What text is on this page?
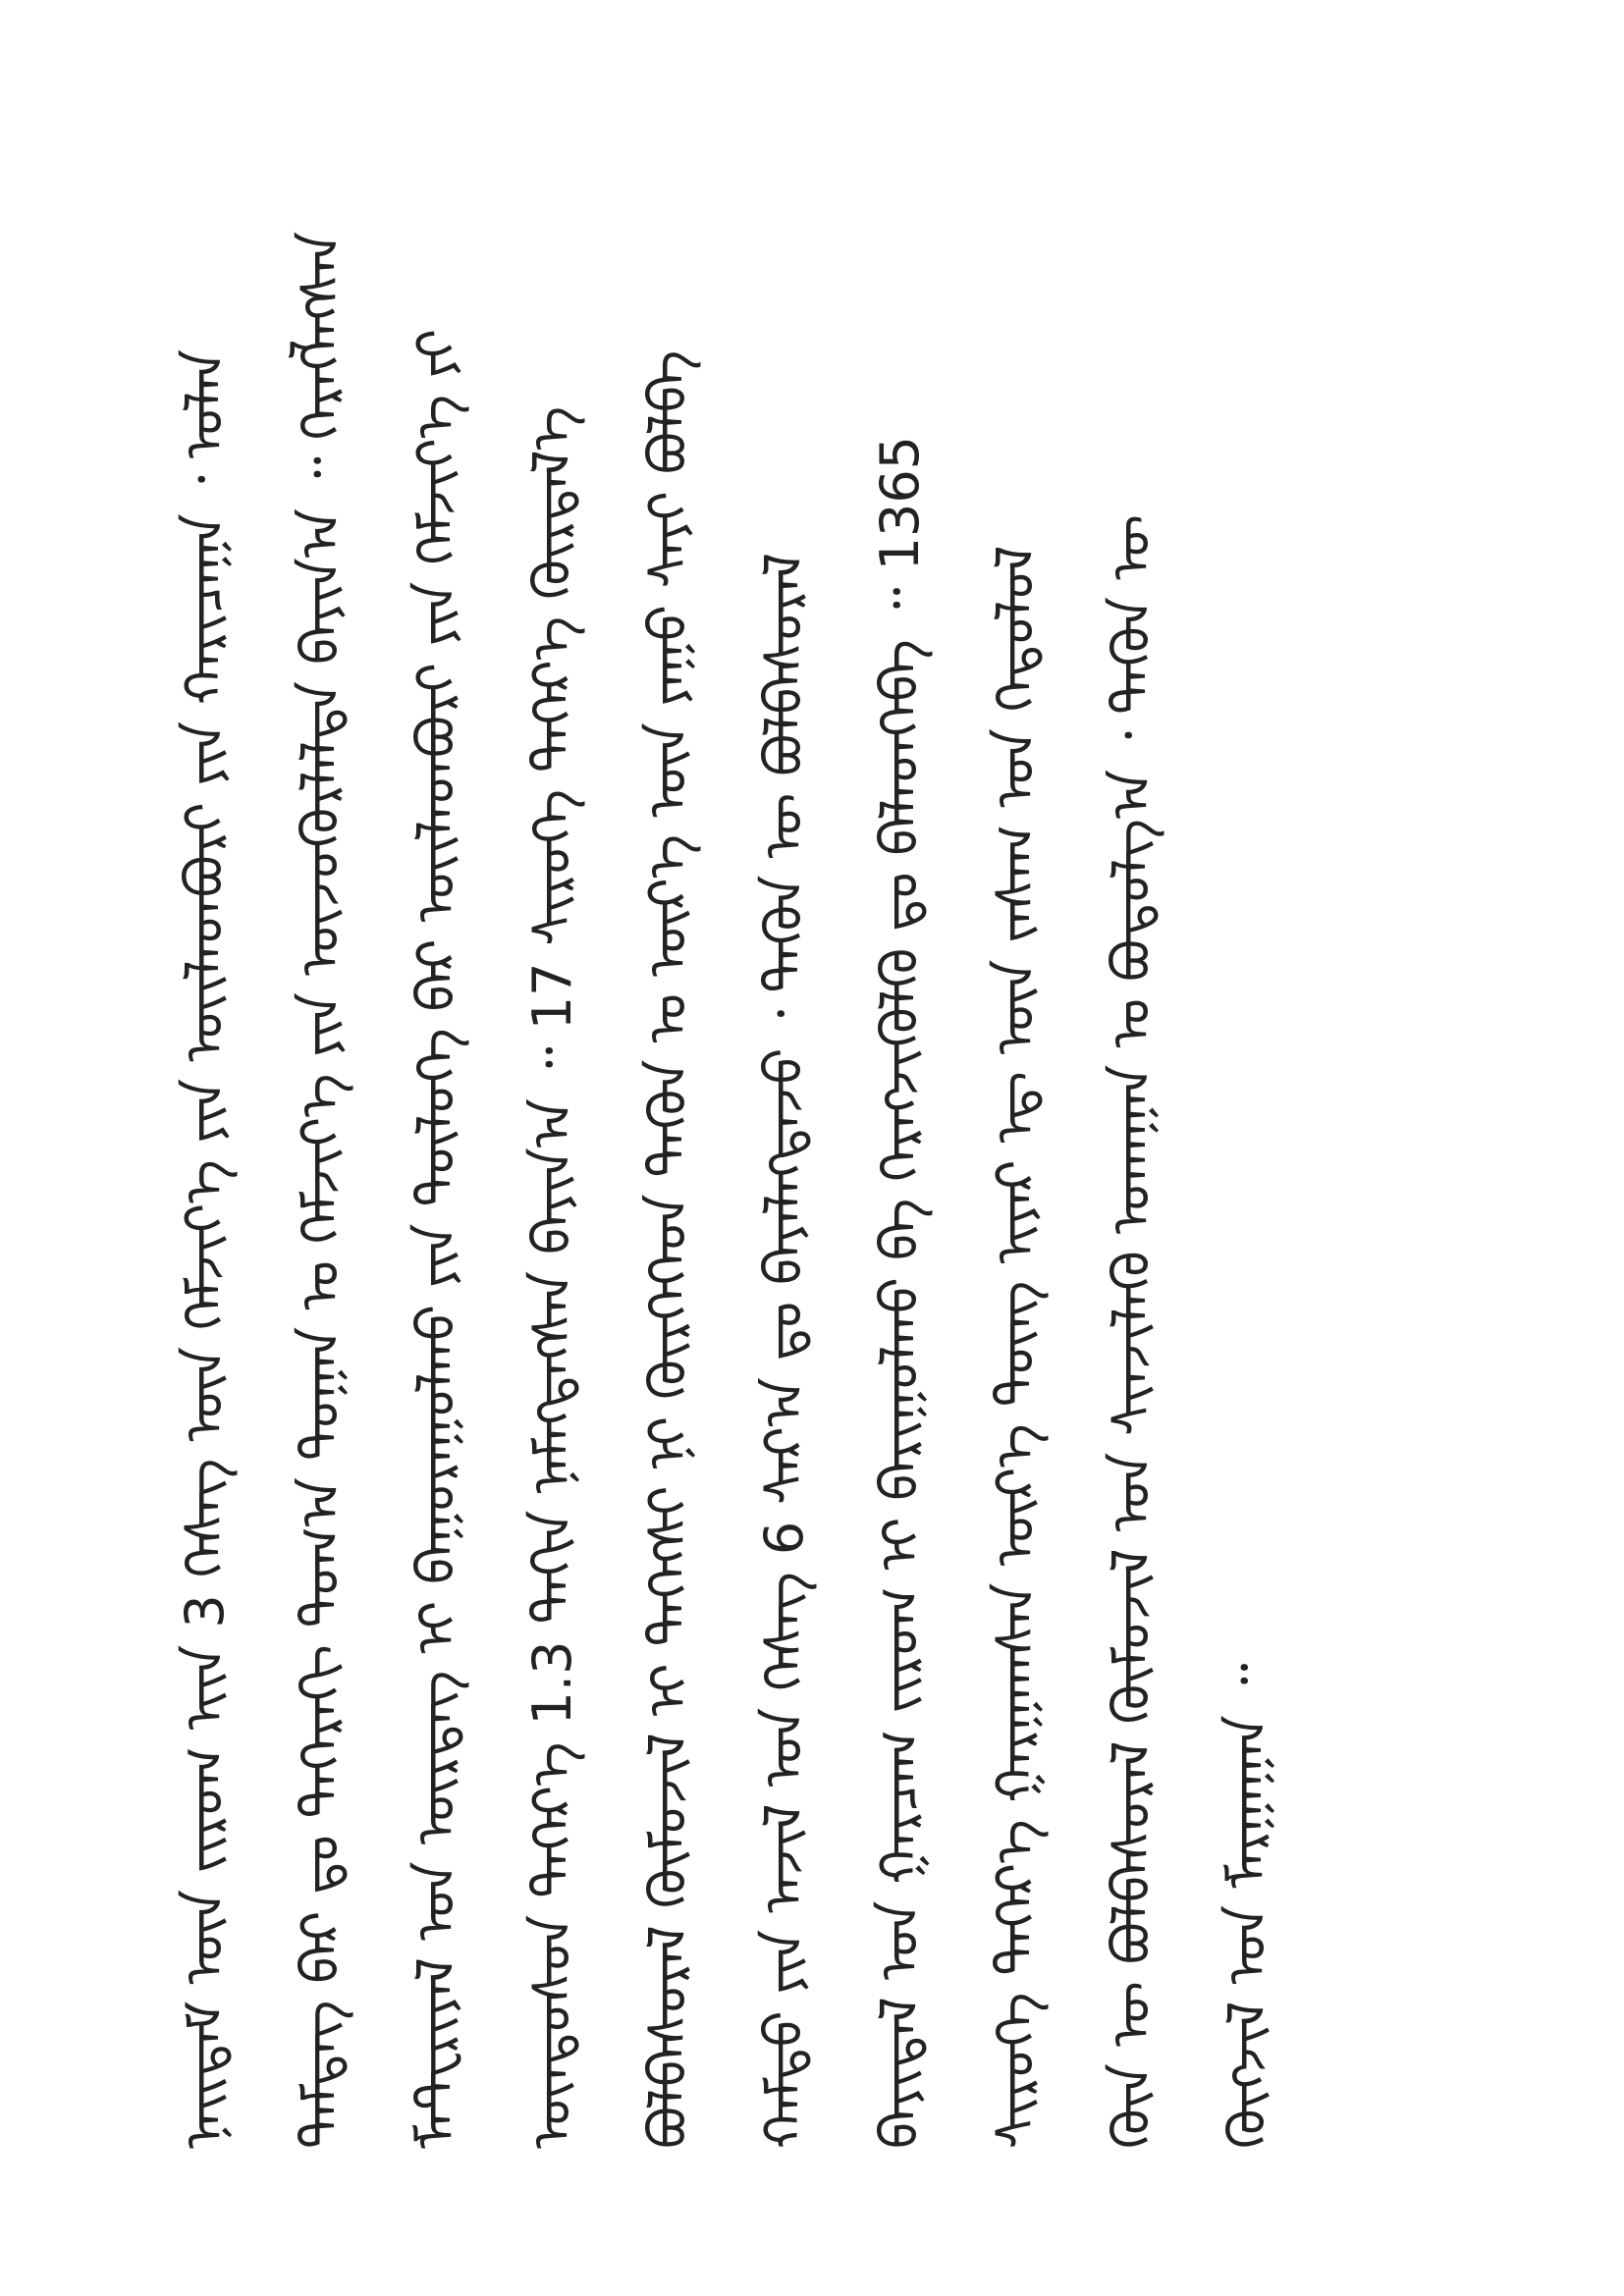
ᠨᠡᠢᠳᠡᠮ ᠦᠨ ᠵᠢᠷᠤᠭ ᠢᠢᠨ 3 ᠬᠡᠰᠡᠭ ᠦᠨ ᠬᠡᠮᠵᠢᠶ᠎ᠡ ᠶᠢᠨ ᠦᠢᠯᠡᠳᠪᠦᠷᠢ ᠶᠢᠨ ᠬᠠᠷᠢᠴᠠᠭᠠ ᠂ ᠤᠯᠠᠨ	ᠲᠡᠮᠳᠡᠭ ᠪᠡᠷ ᠳᠤ ᠳᠡᠭᠡᠷᠡᠬᠢ ᠲᠤᠭ᠎ᠠ ᠲᠣᠭᠠᠨ ᠤ ᠬᠡᠮᠵᠢᠶ᠎ᠡ ᠶᠢᠨ ᠦᠵᠦᠭᠦᠷᠯᠡᠯᠲᠡ ᠪᠠᠶᠢᠨ᠎ᠠ ᠃ ᠬᠡᠷᠡᠭᠯᠡᠭᠰᠡᠨ	ᠮᠠᠲ᠋ᠧᠷᠢᠶᠠᠯ ᠤᠨ ᠦᠷᠲᠡᠭ ᠢ ᠪᠠᠭᠤᠷᠠᠭᠤᠯᠬᠤ ᠶᠢᠨ ᠲᠥᠯᠥᠭᠡ ᠪᠠᠷ ᠦᠢᠯᠡᠳᠪᠦᠷᠢ ᠶᠢᠨ ᠬᠡᠮᠵᠢᠶ᠎ᠡ ᠶᠢ	ᠦᠨᠳᠦᠰᠦᠨ ᠳᠡᠭᠡᠷ᠎ᠡ 1.3 ᠳᠠᠬᠢᠨ ᠨᠡᠮᠡᠭᠳᠡᠭᠰᠡᠨ ᠪᠠᠶᠢᠨ᠎ᠠ ᠃ 17 ᠰᠢᠷᠦᠭᠡ ᠳᠡᠭᠡᠷ᠎ᠡ ᠬᠦᠷᠲᠡᠯ᠎ᠡ	ᠪᠣᠯᠪᠠᠰᠤᠷᠠᠯ ᠬᠦᠮᠦᠵᠢᠯ ᠢ ᠳᠡᠭᠡᠭᠰᠢ ᠨᠢ ᠬᠦᠷᠭᠡᠭᠡᠳ ᠲᠡᠭᠦᠨ ᠤ ᠦᠷ᠎ᠡ ᠦᠨ ᠶᠠᠭᠤ ᠰᠠᠶᠢ ᠪᠣᠯᠪᠠ	ᠬᠠᠮᠲᠤ ᠶᠢᠨ ᠠᠵᠢᠯ ᠤᠨ ᠬᠡᠰᠡᠭ 6 ᠰᠠᠷ᠎ᠠ ᠳᠤ ᠪᠡᠶᠡᠯᠡᠭᠳᠡᠵᠦ ᠂ ᠲᠡᠭᠦᠨ ᠦ ᠪᠣᠯᠪᠠᠰᠤᠷᠠᠯ	ᠪᠠᠶᠢᠳᠠᠯ ᠤᠨ ᠭᠠᠷᠴᠠᠭ ᠵᠢᠷᠤᠭ ᠢ ᠪᠠᠷᠢᠭᠤᠯᠬᠤ ᠪᠠ ᠬᠡᠷᠡᠭᠵᠢᠭᠦᠯᠬᠦ ᠳᠤ ᠪᠡᠯᠡᠳᠬᠡᠪᠡ ᠃ 1365	ᠰᠢᠷᠦᠭᠡ ᠳᠡᠭᠡᠷ᠎ᠡ ᠭᠠᠷᠭᠠᠭᠰᠠᠨ ᠦᠷ᠎ᠡ ᠳᠦᠩ ᠢᠶᠡᠷ ᠡᠳ᠋ ᠦᠨ ᠵᠠᠰᠠᠭ ᠤᠨ ᠬᠡᠳᠦᠯᠦᠯ	ᠬᠦᠨ ᠦ ᠪᠣᠯᠪᠠᠰᠤᠷᠠᠯ ᠬᠦᠮᠦᠵᠢᠯ ᠤᠨ ᠰᠢᠨᠵᠢᠯᠡᠬᠦ ᠤᠬᠠᠭᠠᠨ ᠤ ᠪᠣᠳᠣᠯᠭ᠎ᠠ ᠂ ᠲᠡᠭᠦᠨ ᠦ	ᠬᠦᠭᠵᠢᠯ ᠤᠨ ᠮᠠᠷᠭᠠᠭᠠᠨ ᠃
